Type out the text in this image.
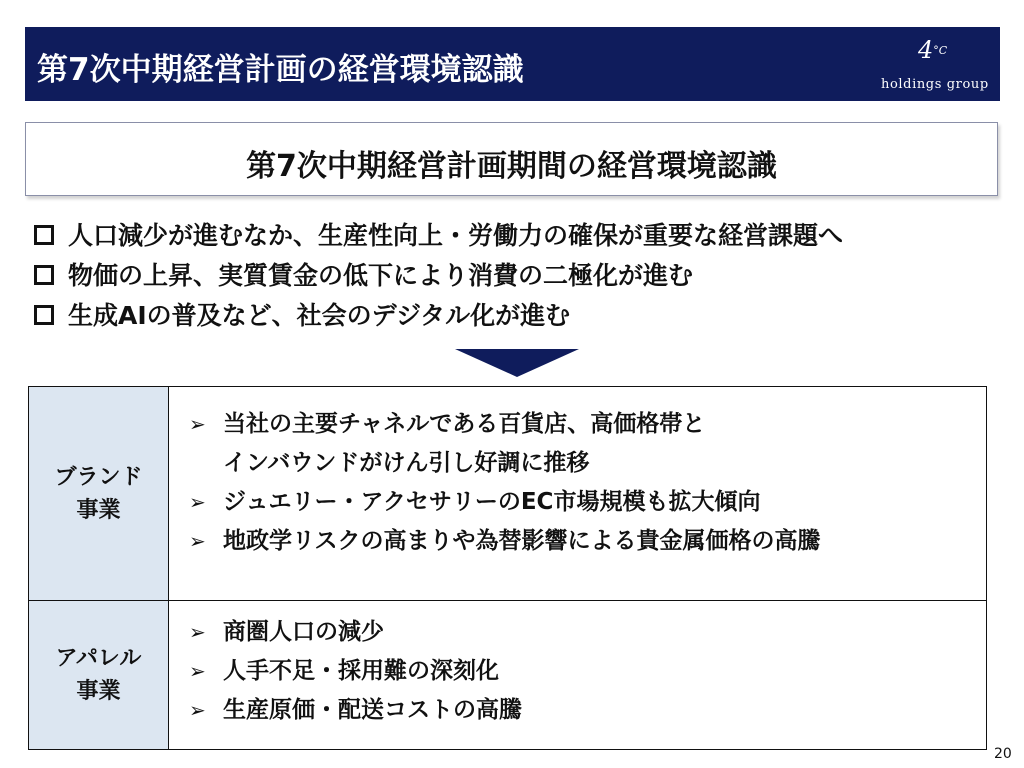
第7次中期経営計画の経営環境認識
$4^{^\circ C}$
holdings group
第7次中期経営計画期間の経営環境認識
人口減少が進むなか、生産性向上・労働力の確保が重要な経営課題へ
物価の上昇、実質賃金の低下により消費の二極化が進む
生成AIの普及など、社会のデジタル化が進む
ブランド
事業
➢ 当社の主要チャネルである百貨店、高価格帯と
インバウンドがけん引し好調に推移
➢ ジュエリー・アクセサリーのEC市場規模も拡大傾向
➢ 地政学リスクの高まりや為替影響による貴金属価格の高騰
アパレル
事業
➢ 商圏人口の減少
➢ 人手不足・採用難の深刻化
➢ 生産原価・配送コストの高騰
20
